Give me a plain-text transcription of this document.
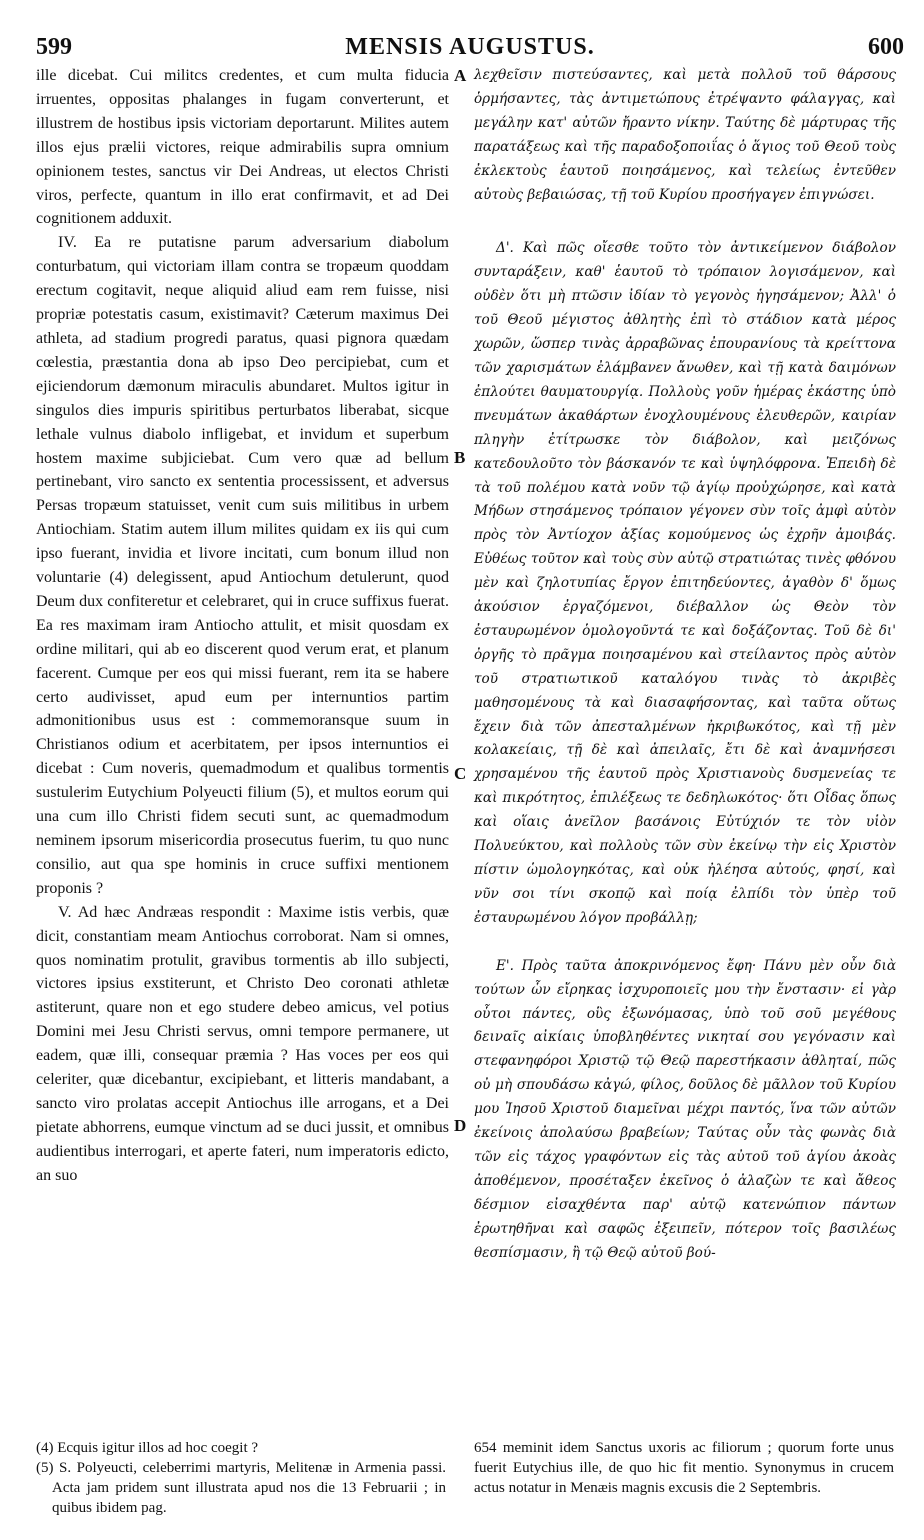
599	MENSIS AUGUSTUS.	600

ille dicebat. Cui militcs credentes, et cum multa fiducia irruentes, oppositas phalanges in fugam converterunt, et illustrem de hostibus ipsis victoriam deportarunt. Milites autem illos ejus prælii victores, reique admirabilis supra omnium opinionem testes, sanctus vir Dei Andreas, ut electos Christi viros, perfecte, quantum in illo erat confirmavit, et ad Dei cognitionem adduxit.

IV. Ea re putatisne parum adversarium diabolum conturbatum, qui victoriam illam contra se tropæum quoddam erectum cogitavit, neque aliquid aliud eam rem fuisse, nisi propriæ potestatis casum, existimavit? Cæterum maximus Dei athleta, ad stadium progredi paratus, quasi pignora quædam cœlestia, præstantia dona ab ipso Deo percipiebat, cum et ejiciendorum dæmonum miraculis abundaret. Multos igitur in singulos dies impuris spiritibus perturbatos liberabat, sicque lethale vulnus diabolo infligebat, et invidum et superbum hostem maxime subjiciebat. Cum vero quæ ad bellum pertinebant, viro sancto ex sententia processissent, et adversus Persas tropæum statuisset, venit cum suis militibus in urbem Antiochiam. Statim autem illum milites quidam ex iis qui cum ipso fuerant, invidia et livore incitati, cum bonum illud non voluntarie (4) delegissent, apud Antiochum detulerunt, quod Deum dux confiteretur et celebraret, qui in cruce suffixus fuerat. Ea res maximam iram Antiocho attulit, et misit quosdam ex ordine militari, qui ab eo discerent quod verum erat, et planum facerent. Cumque per eos qui missi fuerant, rem ita se habere certo audivisset, apud eum per internuntios partim admonitionibus usus est : commemoransque suum in Christianos odium et acerbitatem, per ipsos internuntios ei dicebat : Cum noveris, quemadmodum et qualibus tormentis sustulerim Eutychium Polyeucti filium (5), et multos eorum qui una cum illo Christi fidem secuti sunt, ac quemadmodum neminem ipsorum misericordia prosecutus fuerim, tu quo nunc consilio, aut qua spe hominis in cruce suffixi mentionem proponis ?

V. Ad hæc Andræas respondit : Maxime istis verbis, quæ dicit, constantiam meam Antiochus corroborat. Nam si omnes, quos nominatim protulit, gravibus tormentis ab illo subjecti, victores ipsius exstiterunt, et Christo Deo coronati athletæ astiterunt, quare non et ego studere debeo amicus, vel potius Domini mei Jesu Christi servus, omni tempore permanere, ut eadem, quæ illi, consequar præmia ? Has voces per eos qui celeriter, quæ dicebantur, excipiebant, et litteris mandabant, a sancto viro prolatas accepit Antiochus ille arrogans, et a Dei pietate abhorrens, eumque vinctum ad se duci jussit, et omnibus audientibus interrogari, et aperte fateri, num imperatoris edicto, an suo

A
B
C
D

λεχθεῖσιν πιστεύσαντες, καὶ μετὰ πολλοῦ τοῦ θάρσους ὁρμήσαντες, τὰς ἀντιμετώπους ἐτρέψαντο φάλαγγας, καὶ μεγάλην κατ' αὐτῶν ἤραντο νίκην. Ταύτης δὲ μάρτυρας τῆς παρατάξεως καὶ τῆς παραδοξοποιΐας ὁ ἅγιος τοῦ Θεοῦ τοὺς ἐκλεκτοὺς ἑαυτοῦ ποιησάμενος, καὶ τελείως ἐντεῦθεν αὐτοὺς βεβαιώσας, τῇ τοῦ Κυρίου προσήγαγεν ἐπιγνώσει.

Δ'. Καὶ πῶς οἴεσθε τοῦτο τὸν ἀντικείμενον διάβολον συνταράξειν, καθ' ἑαυτοῦ τὸ τρόπαιον λογισάμενον, καὶ οὐδὲν ὅτι μὴ πτῶσιν ἰδίαν τὸ γεγονὸς ἡγησάμενον; Ἀλλ' ὁ τοῦ Θεοῦ μέγιστος ἀθλητὴς ἐπὶ τὸ στάδιον κατὰ μέρος χωρῶν, ὥσπερ τινὰς ἀρραβῶνας ἐπουρανίους τὰ κρείττονα τῶν χαρισμάτων ἐλάμβανεν ἄνωθεν, καὶ τῇ κατὰ δαιμόνων ἐπλούτει θαυματουργίᾳ. Πολλοὺς γοῦν ἡμέρας ἑκάστης ὑπὸ πνευμάτων ἀκαθάρτων ἐνοχλουμένους ἐλευθερῶν, καιρίαν πληγὴν ἐτίτρωσκε τὸν διάβολον, καὶ μειζόνως κατεδουλοῦτο τὸν βάσκανόν τε καὶ ὑψηλόφρονα. Ἐπειδὴ δὲ τὰ τοῦ πολέμου κατὰ νοῦν τῷ ἁγίῳ προὐχώρησε, καὶ κατὰ Μήδων στησάμενος τρόπαιον γέγονεν σὺν τοῖς ἀμφὶ αὐτὸν πρὸς τὸν Ἀντίοχον ἀξίας κομούμενος ὡς ἐχρῆν ἀμοιβάς. Εὐθέως τοῦτον καὶ τοὺς σὺν αὐτῷ στρατιώτας τινὲς φθόνου μὲν καὶ ζηλοτυπίας ἔργον ἐπιτηδεύοντες, ἀγαθὸν δ' ὅμως ἀκούσιον ἐργαζόμενοι, διέβαλλον ὡς Θεὸν τὸν ἐσταυρωμένον ὁμολογοῦντά τε καὶ δοξάζοντας. Τοῦ δὲ δι' ὀργῆς τὸ πρᾶγμα ποιησαμένου καὶ στείλαντος πρὸς αὐτὸν τοῦ στρατιωτικοῦ καταλόγου τινὰς τὸ ἀκριβὲς μαθησομένους τὰ καὶ διασαφήσοντας, καὶ ταῦτα οὕτως ἔχειν διὰ τῶν ἀπεσταλμένων ἠκριβωκότος, καὶ τῇ μὲν κολακείαις, τῇ δὲ καὶ ἀπειλαῖς, ἔτι δὲ καὶ ἀναμνήσεσι χρησαμένου τῆς ἑαυτοῦ πρὸς Χριστιανοὺς δυσμενείας τε καὶ πικρότητος, ἐπιλέξεως τε δεδηλωκότος· ὅτι Οἶδας ὅπως καὶ οἵαις ἀνεῖλον βασάνοις Εὐτύχιόν τε τὸν υἱὸν Πολυεύκτου, καὶ πολλοὺς τῶν σὺν ἐκείνῳ τὴν εἰς Χριστὸν πίστιν ὡμολογηκότας, καὶ οὐκ ἠλέησα αὐτούς, φησί, καὶ νῦν σοι τίνι σκοπῷ καὶ ποίᾳ ἐλπίδι τὸν ὑπὲρ τοῦ ἐσταυρωμένου λόγον προβάλλῃ;

Ε'. Πρὸς ταῦτα ἀποκρινόμενος ἔφη· Πάνυ μὲν οὖν διὰ τούτων ὧν εἴρηκας ἰσχυροποιεῖς μου τὴν ἔνστασιν· εἰ γὰρ οὗτοι πάντες, οὓς ἐξωνόμασας, ὑπὸ τοῦ σοῦ μεγέθους δειναῖς αἰκίαις ὑποβληθέντες νικηταί σου γεγόνασιν καὶ στεφανηφόροι Χριστῷ τῷ Θεῷ παρεστήκασιν ἀθληταί, πῶς οὐ μὴ σπουδάσω κἀγώ, φίλος, δοῦλος δὲ μᾶλλον τοῦ Κυρίου μου Ἰησοῦ Χριστοῦ διαμεῖναι μέχρι παντός, ἵνα τῶν αὐτῶν ἐκείνοις ἀπολαύσω βραβείων; Ταύτας οὖν τὰς φωνὰς διὰ τῶν εἰς τάχος γραφόντων εἰς τὰς αὐτοῦ τοῦ ἁγίου ἀκοὰς ἀποθέμενον, προσέταξεν ἐκεῖνος ὁ ἀλαζὼν τε καὶ ἄθεος δέσμιον εἰσαχθέντα παρ' αὐτῷ κατενώπιον πάντων ἐρωτηθῆναι καὶ σαφῶς ἐξειπεῖν, πότερον τοῖς βασιλέως θεσπίσμασιν, ἢ τῷ Θεῷ αὐτοῦ βού-

(4) Ecquis igitur illos ad hoc coegit ?

(5) S. Polyeucti, celeberrimi martyris, Melitenæ in Armenia passi. Acta jam pridem sunt illustrata apud nos die 13 Februarii ; in quibus ibidem pag.

654 meminit idem Sanctus uxoris ac filiorum ; quorum forte unus fuerit Eutychius ille, de quo hic fit mentio. Synonymus in crucem actus notatur in Menæis magnis excusis die 2 Septembris.
